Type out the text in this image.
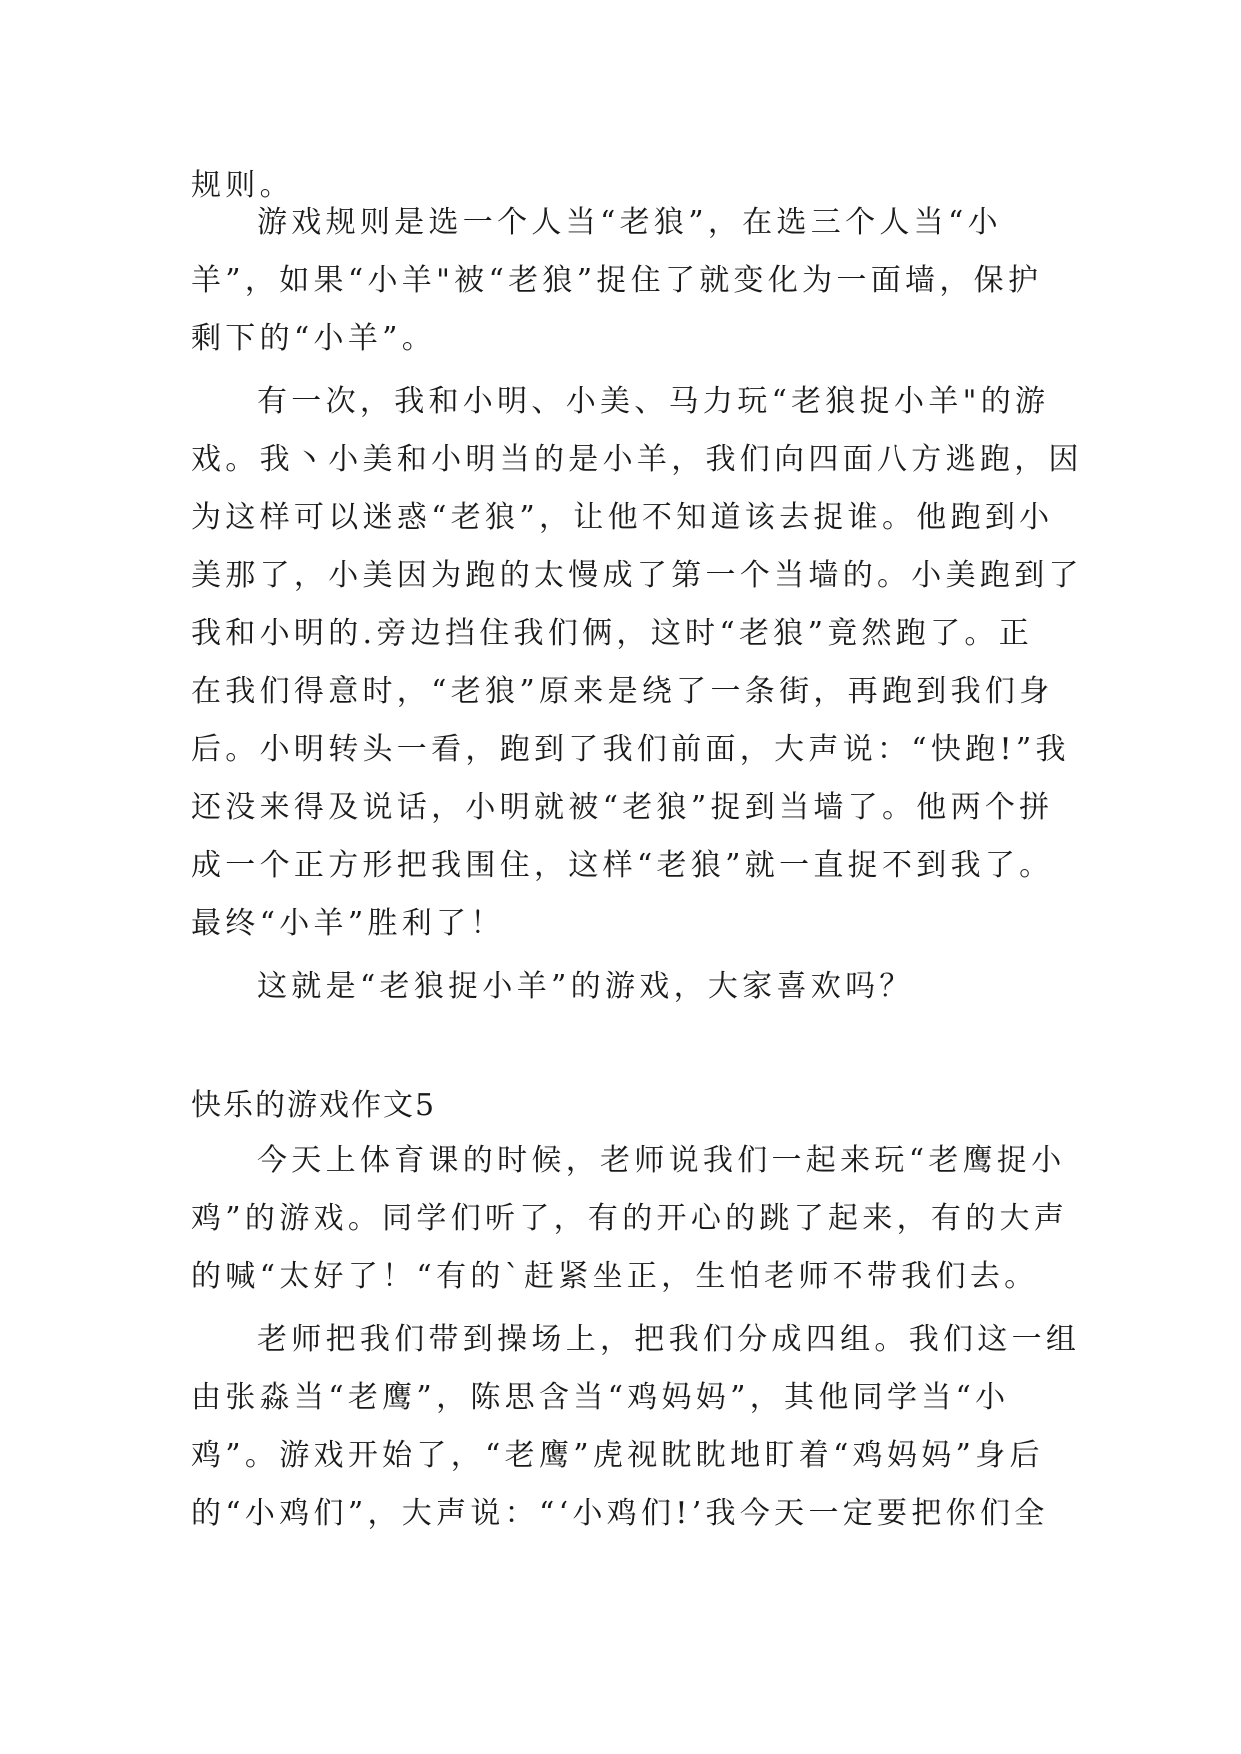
规则。
游戏规则是选一个人当“老狼”，在选三个人当“小
羊”，如果“小羊"被“老狼”捉住了就变化为一面墙，保护
剩下的“小羊”。
有一次，我和小明、小美、马力玩“老狼捉小羊"的游
戏。我丶小美和小明当的是小羊，我们向四面八方逃跑，因
为这样可以迷惑“老狼”，让他不知道该去捉谁。他跑到小
美那了，小美因为跑的太慢成了第一个当墙的。小美跑到了
我和小明的.旁边挡住我们俩，这时“老狼”竟然跑了。正
在我们得意时，“老狼”原来是绕了一条街，再跑到我们身
后。小明转头一看，跑到了我们前面，大声说：“快跑!”我
还没来得及说话，小明就被“老狼”捉到当墙了。他两个拼
成一个正方形把我围住，这样“老狼”就一直捉不到我了。
最终“小羊”胜利了！
这就是“老狼捉小羊”的游戏，大家喜欢吗？
快乐的游戏作文5
今天上体育课的时候，老师说我们一起来玩“老鹰捉小
鸡”的游戏。同学们听了，有的开心的跳了起来，有的大声
的喊“太好了！“有的`赶紧坐正，生怕老师不带我们去。
老师把我们带到操场上，把我们分成四组。我们这一组
由张淼当“老鹰”，陈思含当“鸡妈妈”，其他同学当“小
鸡”。游戏开始了，“老鹰”虎视眈眈地盯着“鸡妈妈”身后
的“小鸡们”，大声说：“‘小鸡们!’我今天一定要把你们全
